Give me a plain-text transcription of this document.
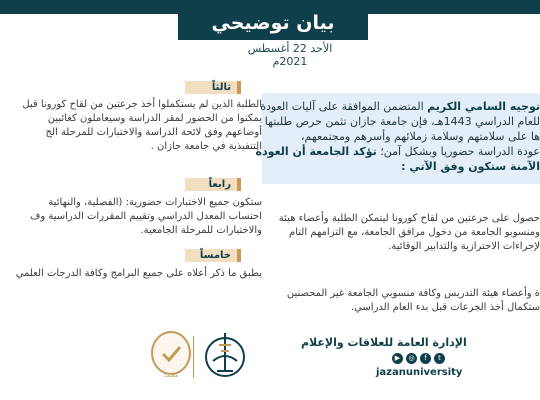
بيان توضيحي
الأحد 22 أغسطس 2021م

توجيه السامي الكريم المتضمن الموافقة على آليات العودة

للعام الدراسي 1443هـ، فإن جامعة جازان تثمن حرص طلبتها

ها على سلامتهم وسلامة زملائهم وأسرهم ومجتمعهم،

عودة الدراسة حضوريا وبشكل آمن؛ تؤكد الجامعة أن العودة

الآمنة ستكون وفق الآتي :

حصول على جرعتين من لقاح كورونا ليتمكن الطلبة وأعضاء هيئة

ومنسوبو الجامعة من دخول مرافق الجامعة، مع التزامهم التام

لإجراءات الاحترازية والتدابير الوقائية.

ة وأعضاء هيئة التدريس وكافة منسوبي الجامعة غير المحصنين

ستكمال أخذ الجرعات قبل بدء العام الدراسي.

ثالثاً

الطلبة الذين لم يستكملوا أخذ جرعتين من لقاح كورونا قبل

يمكنوا من الحضور لمقر الدراسة وسيعاملون كغائبين

أوضاعهم وفق لائحة الدراسة والاختبارات للمرحلة الج

التنفيذية في جامعة جازان .

رابعاً

ستكون جميع الاختبارات حضورية: (الفصلية، والنهائية

احتساب المعدل الدراسي وتقييم المقررات الدراسية وف

والاختبارات للمرحلة الجامعية.

خامساً

يطبق ما ذكر أعلاه على جميع البرامج وكافة الدرجات العلمي

الإدارة العامة للعلاقات والإعلام
▶	◎	f	t
jazanuniversity
معتمد
